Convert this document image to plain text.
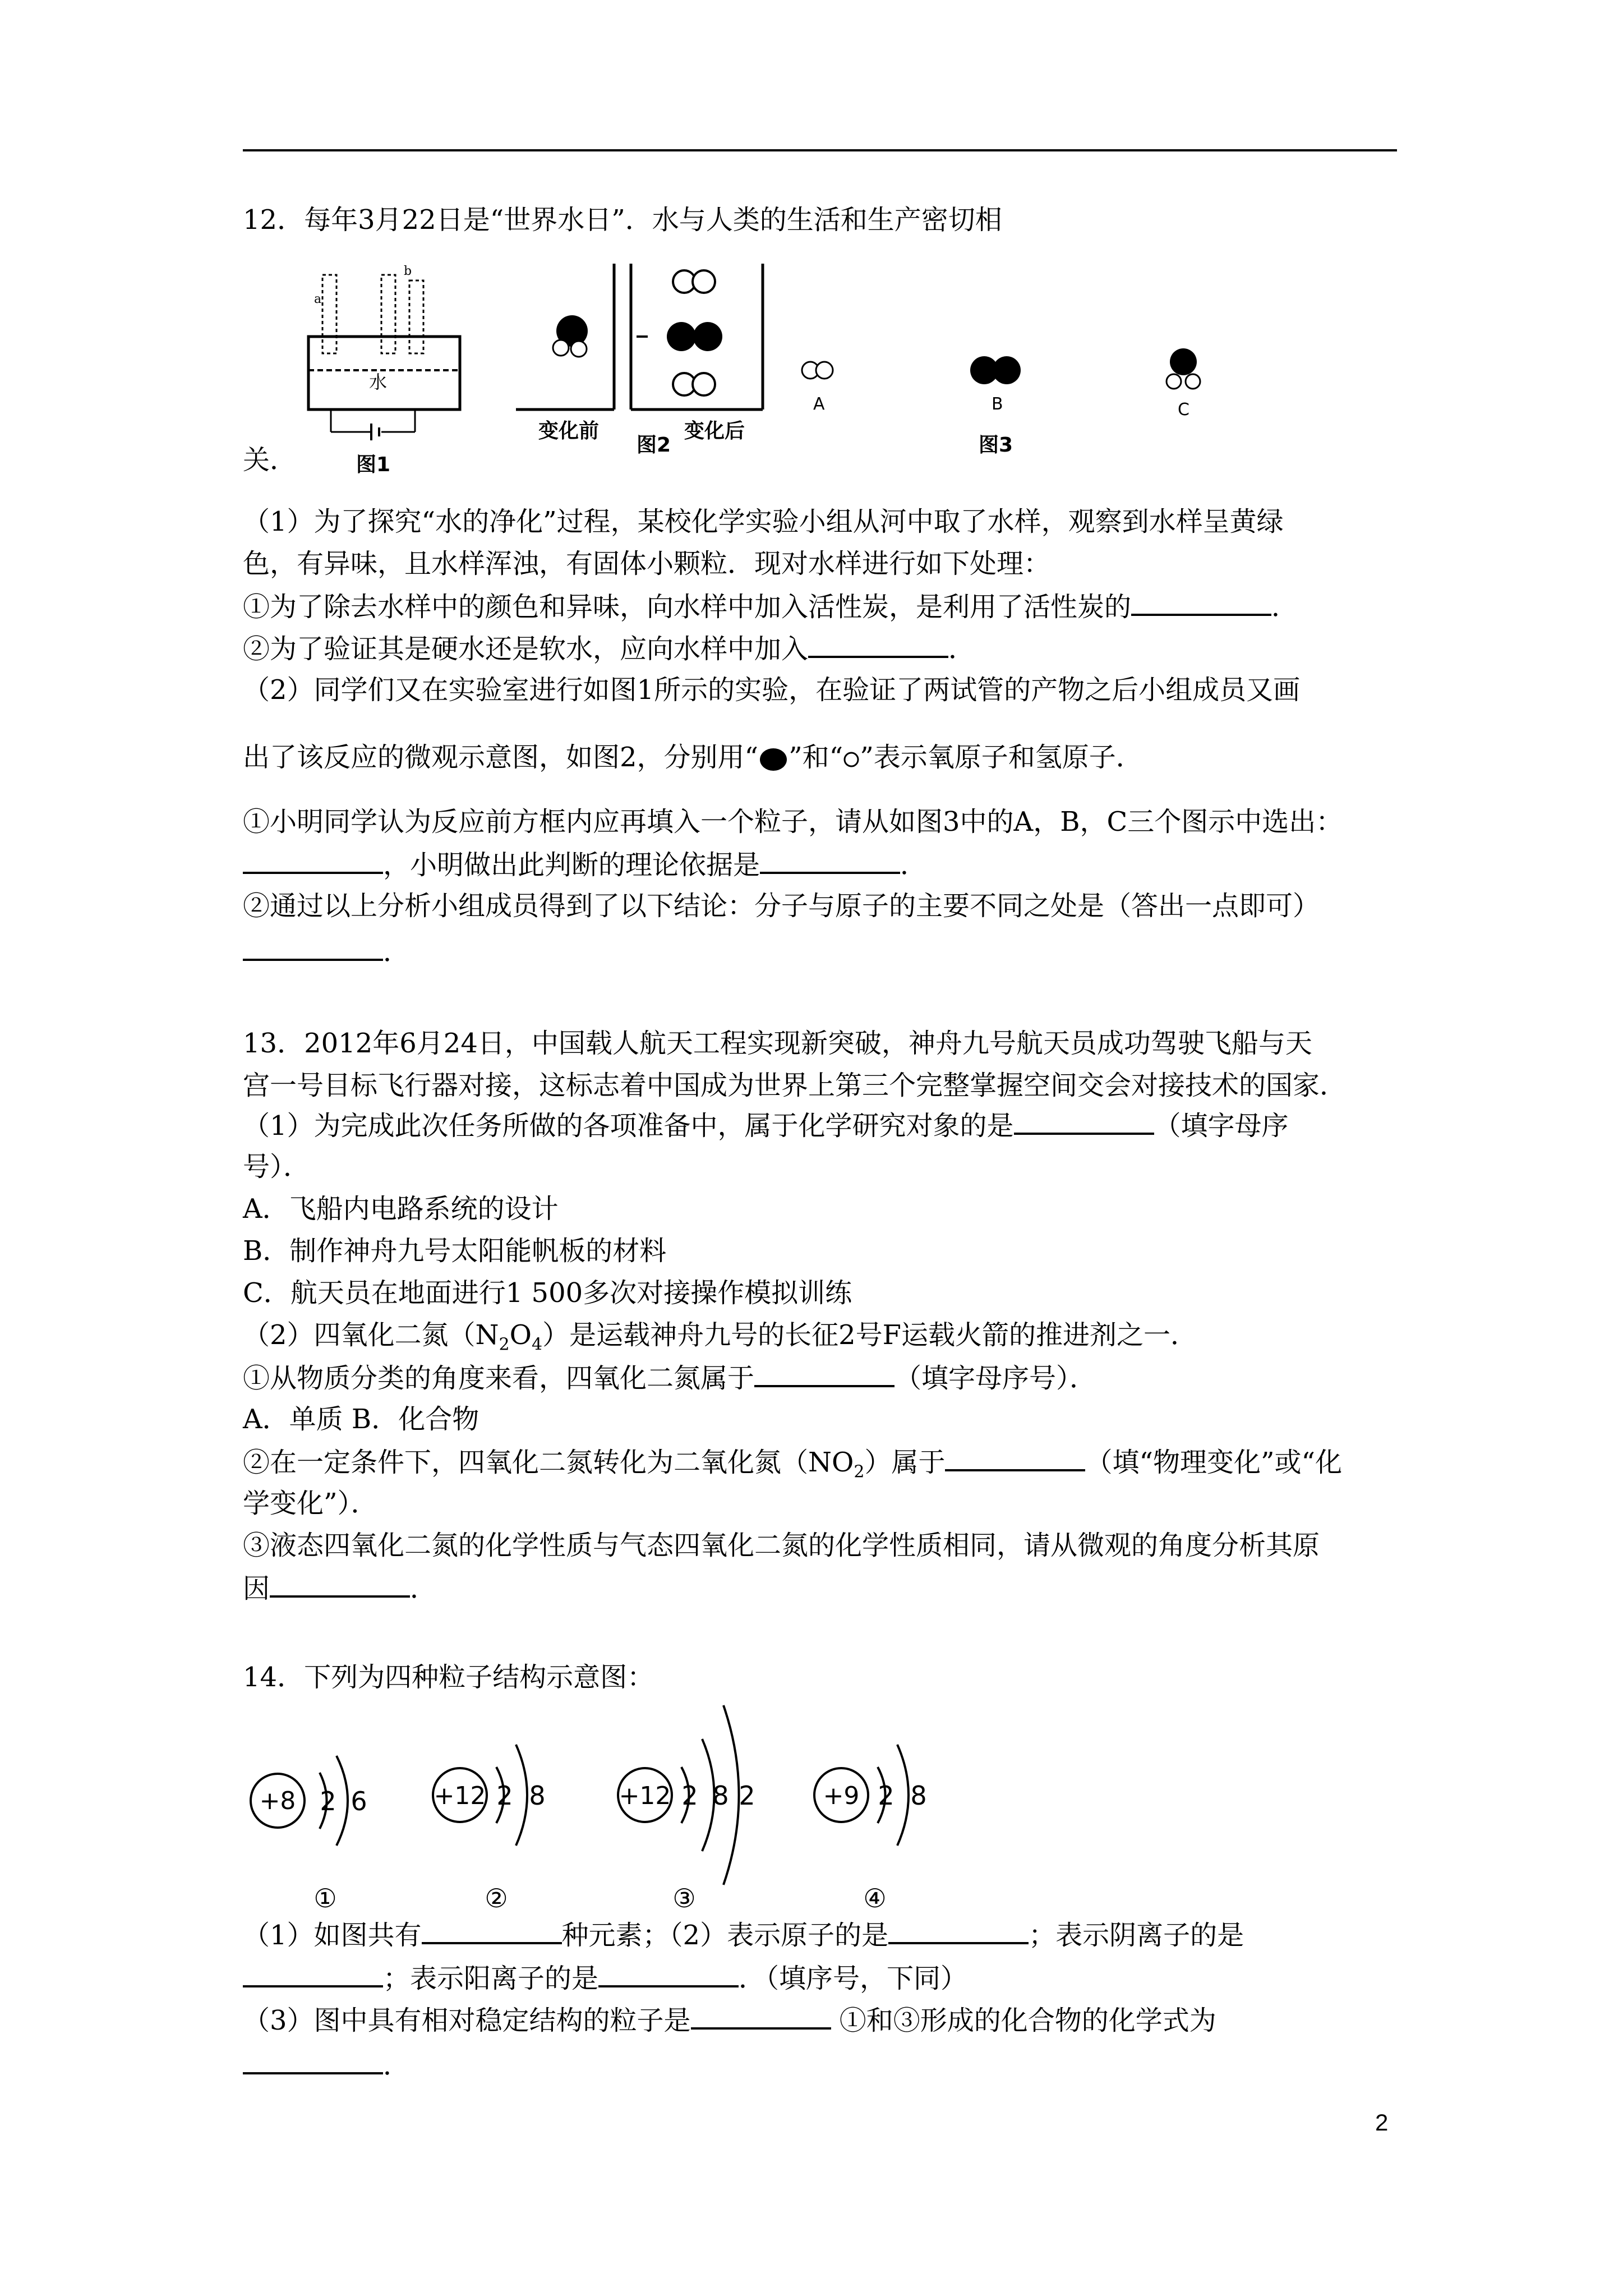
12．每年3月22日是“世界水日”．水与人类的生活和生产密切相
a
b
水
图1
变化前
图2
变化后
A	B	C
图3
关．
（1）为了探究“水的净化”过程，某校化学实验小组从河中取了水样，观察到水样呈黄绿
色，有异味，且水样浑浊，有固体小颗粒．现对水样进行如下处理：
①为了除去水样中的颜色和异味，向水样中加入活性炭，是利用了活性炭的	．
②为了验证其是硬水还是软水，应向水样中加入	．
（2）同学们又在实验室进行如图1所示的实验，在验证了两试管的产物之后小组成员又画
出了该反应的微观示意图，如图2，分别用“ ”和“ ”表示氧原子和氢原子．
①小明同学认为反应前方框内应再填入一个粒子，请从如图3中的A，B，C三个图示中选出：
，小明做出此判断的理论依据是	．
②通过以上分析小组成员得到了以下结论：分子与原子的主要不同之处是（答出一点即可）
．
13．2012年6月24日，中国载人航天工程实现新突破，神舟九号航天员成功驾驶飞船与天
宫一号目标飞行器对接，这标志着中国成为世界上第三个完整掌握空间交会对接技术的国家．
（1）为完成此次任务所做的各项准备中，属于化学研究对象的是	（填字母序
号）．
A．飞船内电路系统的设计
B．制作神舟九号太阳能帆板的材料
C．航天员在地面进行1 500多次对接操作模拟训练
（2）四氧化二氮$(N_2O_4)$是运载神舟九号的长征2号F运载火箭的推进剂之一．
①从物质分类的角度来看，四氧化二氮属于	（填字母序号）．
A．单质 B．化合物
②在一定条件下，四氧化二氮转化为二氧化氮$(NO_2)$属于	（填“物理变化”或“化
学变化”）．
③液态四氧化二氮的化学性质与气态四氧化二氮的化学性质相同，请从微观的角度分析其原
因	．
14．下列为四种粒子结构示意图：
+8 2 6
①
+12 2 8
②
+12 2 8 2
③
+9 2 8
④
（1）如图共有	种元素；（2）表示原子的是	；表示阴离子的是
；表示阳离子的是	．（填序号，下同）
（3）图中具有相对稳定结构的粒子是	①和③形成的化合物的化学式为
．
2
